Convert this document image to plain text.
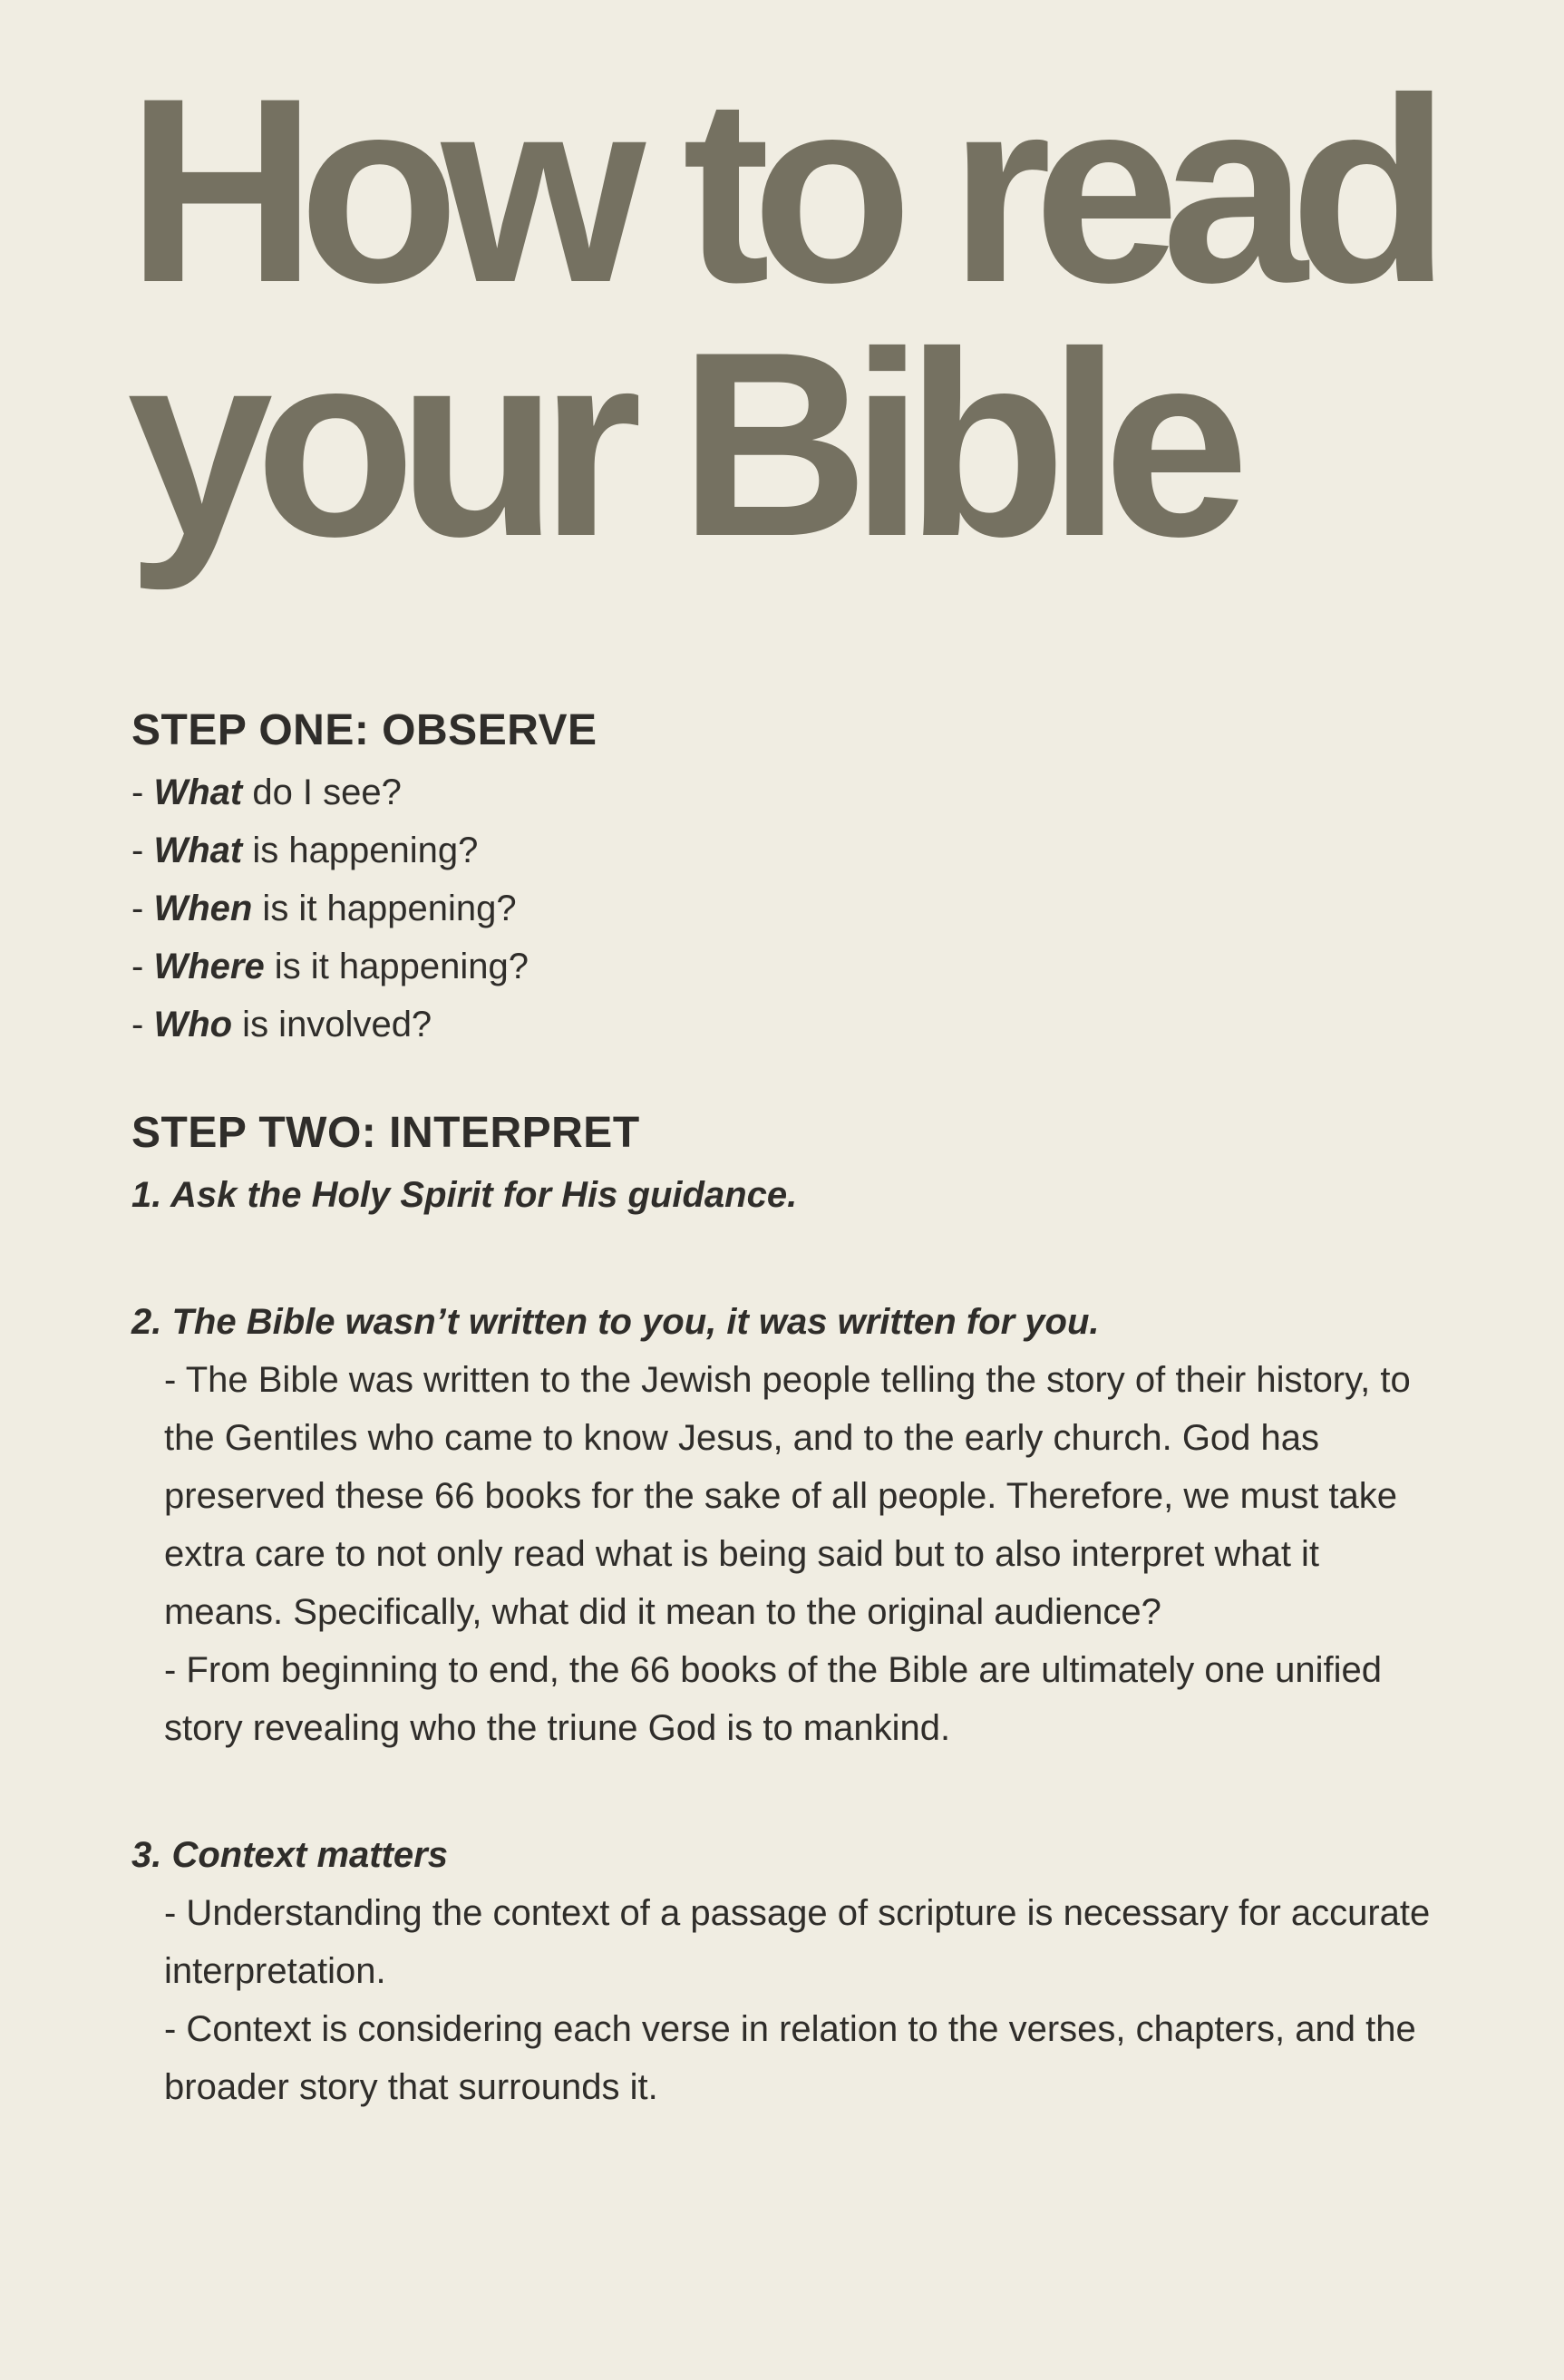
How to read
your Bible
STEP ONE: OBSERVE
- What do I see?
- What is happening?
- When is it happening?
- Where is it happening?
- Who is involved?
STEP TWO: INTERPRET

1. Ask the Holy Spirit for His guidance.

2. The Bible wasn’t written to you, it was written for you.

- The Bible was written to the Jewish people telling the story of their history, to the Gentiles who came to know Jesus, and to the early church. God has preserved these 66 books for the sake of all people. Therefore, we must take extra care to not only read what is being said but to also interpret what it means. Specifically, what did it mean to the original audience?

- From beginning to end, the 66 books of the Bible are ultimately one unified story revealing who the triune God is to mankind.

3. Context matters

- Understanding the context of a passage of scripture is necessary for accurate interpretation.

- Context is considering each verse in relation to the verses, chapters, and the broader story that surrounds it.
